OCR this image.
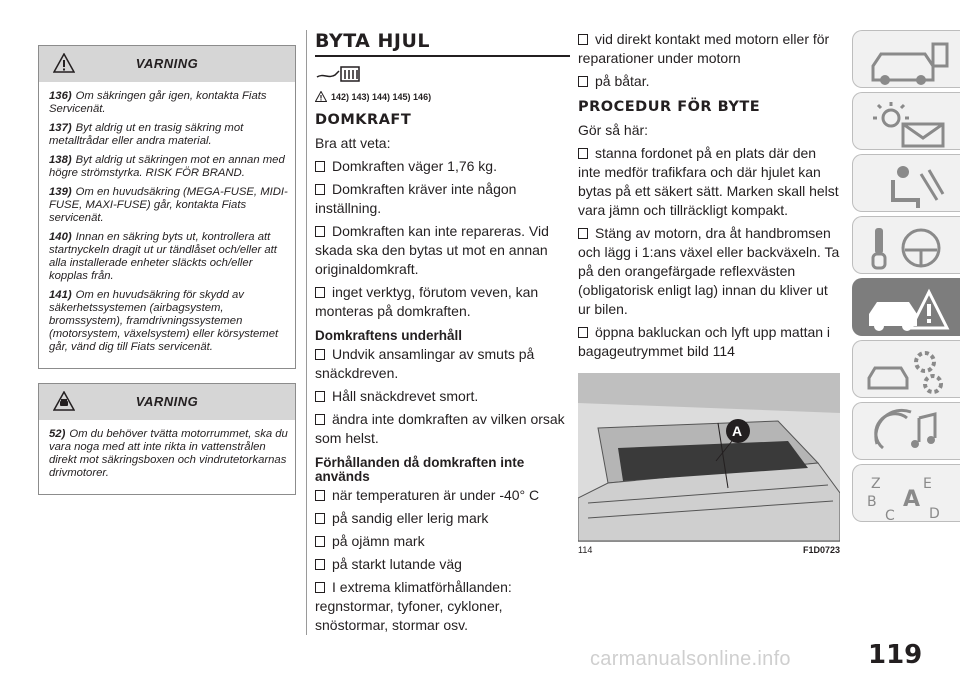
VARNING

136) Om säkringen går igen, kontakta Fiats Servicenät.

137) Byt aldrig ut en trasig säkring mot metalltrådar eller andra material.

138) Byt aldrig ut säkringen mot en annan med högre strömstyrka. RISK FÖR BRAND.

139) Om en huvudsäkring (MEGA-FUSE, MIDI-FUSE, MAXI-FUSE) går, kontakta Fiats servicenät.

140) Innan en säkring byts ut, kontrollera att startnyckeln dragit ut ur tändlåset och/eller att alla installerade enheter släckts och/eller kopplas från.

141) Om en huvudsäkring för skydd av säkerhetssystemen (airbagsystem, bromssystem), framdrivningssystemen (motorsystem, växelsystem) eller körsystemet går, vänd dig till Fiats servicenät.

VARNING

52) Om du behöver tvätta motorrummet, ska du vara noga med att inte rikta in vattenstrålen direkt mot säkringsboxen och vindrutetorkarnas drivmotorer.

BYTA HJUL
142) 143) 144) 145) 146)
DOMKRAFT
Bra att veta:
Domkraften väger 1,76 kg.
Domkraften kräver inte någon inställning.
Domkraften kan inte repareras. Vid skada ska den bytas ut mot en annan originaldomkraft.
inget verktyg, förutom veven, kan monteras på domkraften.
Domkraftens underhåll
Undvik ansamlingar av smuts på snäckdreven.
Håll snäckdrevet smort.
ändra inte domkraften av vilken orsak som helst.
Förhållanden då domkraften inte används
när temperaturen är under -40° C
på sandig eller lerig mark
på ojämn mark
på starkt lutande väg
I extrema klimatförhållanden: regnstormar, tyfoner, cykloner, snöstormar, stormar osv.
vid direkt kontakt med motorn eller för reparationer under motorn
på båtar.
PROCEDUR FÖR BYTE
Gör så här:
stanna fordonet på en plats där den inte medför trafikfara och där hjulet kan bytas på ett säkert sätt. Marken skall helst vara jämn och tillräckligt kompakt.
Stäng av motorn, dra åt handbromsen och lägg i 1:ans växel eller backväxeln. Ta på den orangefärgade reflexvästen (obligatorisk enligt lag) innan du kliver ut ur bilen.
öppna bakluckan och lyft upp mattan i bagageutrymmet bild 114
A
114	F1D0723
Z	E
B A
C D
carmanualsonline.info	119
